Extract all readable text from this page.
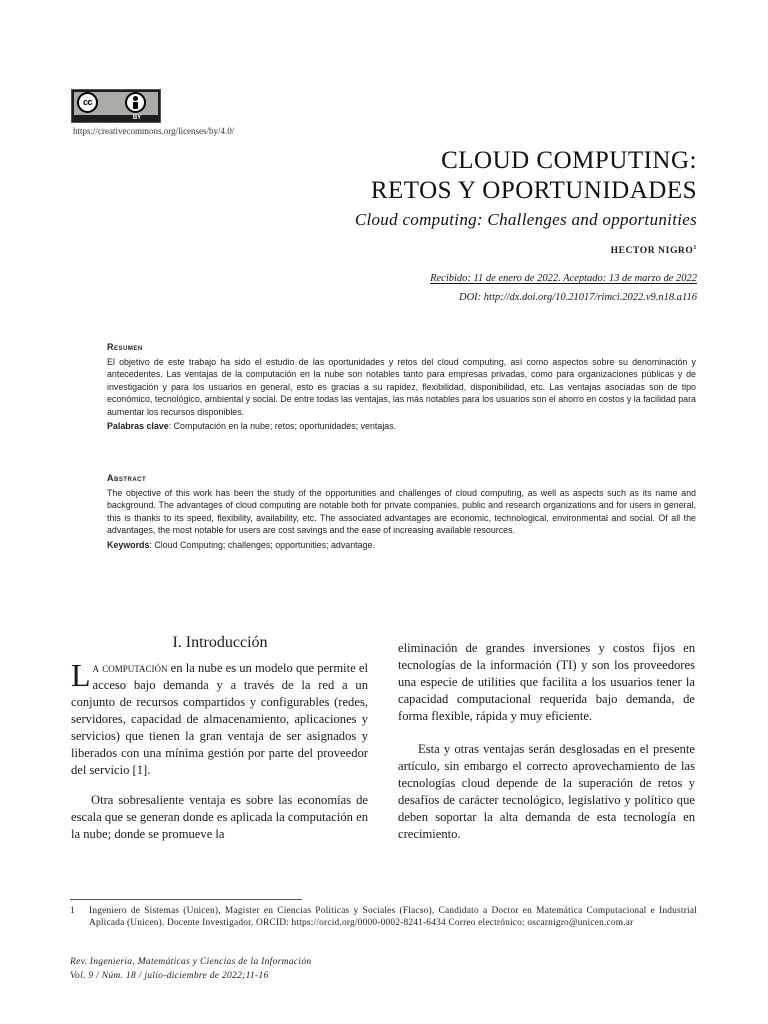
cc
BY
https://creativecommons.org/licenses/by/4.0/
CLOUD COMPUTING:
RETOS Y OPORTUNIDADES
Cloud computing: Challenges and opportunities
HECTOR NIGRO$^1$
Recibido: 11 de enero de 2022. Aceptado: 13 de marzo de 2022
DOI: http://dx.doi.org/10.21017/rimci.2022.v9.n18.a116
Resumen
El objetivo de este trabajo ha sido el estudio de las oportunidades y retos del cloud computing, así como aspectos sobre su denominación y antecedentes. Las ventajas de la computación en la nube son notables tanto para empresas privadas, como para organizaciones públicas y de investigación y para los usuarios en general, esto es gracias a su rapidez, flexibilidad, disponibilidad, etc. Las ventajas asociadas son de tipo económico, tecnológico, ambiental y social. De entre todas las ventajas, las más notables para los usuarios son el ahorro en costos y la facilidad para aumentar los recursos disponibles.
Palabras clave: Computación en la nube; retos; oportunidades; ventajas.
Abstract
The objective of this work has been the study of the opportunities and challenges of cloud computing, as well as aspects such as its name and background. The advantages of cloud computing are notable both for private companies, public and research organizations and for users in general, this is thanks to its speed, flexibility, availability, etc. The associated advantages are economic, technological, environmental and social. Of all the advantages, the most notable for users are cost savings and the ease of increasing available resources.
Keywords: Cloud Computing; challenges; opportunities; advantage.
I. Introducción

La computación en la nube es un modelo que permite el acceso bajo demanda y a través de la red a un conjunto de recursos compartidos y configurables (redes, servidores, capacidad de almacenamiento, aplicaciones y servicios) que tienen la gran ventaja de ser asignados y liberados con una mínima gestión por parte del proveedor del servicio [1].

Otra sobresaliente ventaja es sobre las economías de escala que se generan donde es aplicada la computación en la nube; donde se promueve la

eliminación de grandes inversiones y costos fijos en tecnologías de la información (TI) y son los proveedores una especie de utilities que facilita a los usuarios tener la capacidad computacional requerida bajo demanda, de forma flexible, rápida y muy eficiente.

Esta y otras ventajas serán desglosadas en el presente artículo, sin embargo el correcto aprovechamiento de las tecnologías cloud depende de la superación de retos y desafíos de carácter tecnológico, legislativo y político que deben soportar la alta demanda de esta tecnología en crecimiento.

1 Ingeniero de Sistemas (Unicen), Magister en Ciencias Políticas y Sociales (Flacso), Candidato a Doctor en Matemática Computacional e Industrial Aplicada (Unicen). Docente Investigador. ORCID: https://orcid.org/0000-0002-8241-6434 Correo electrónico: oscarnigro@unicen.com.ar
Rev. Ingeniería, Matemáticas y Ciencias de la Información
Vol. 9 / Núm. 18 / julio-diciembre de 2022;11-16
